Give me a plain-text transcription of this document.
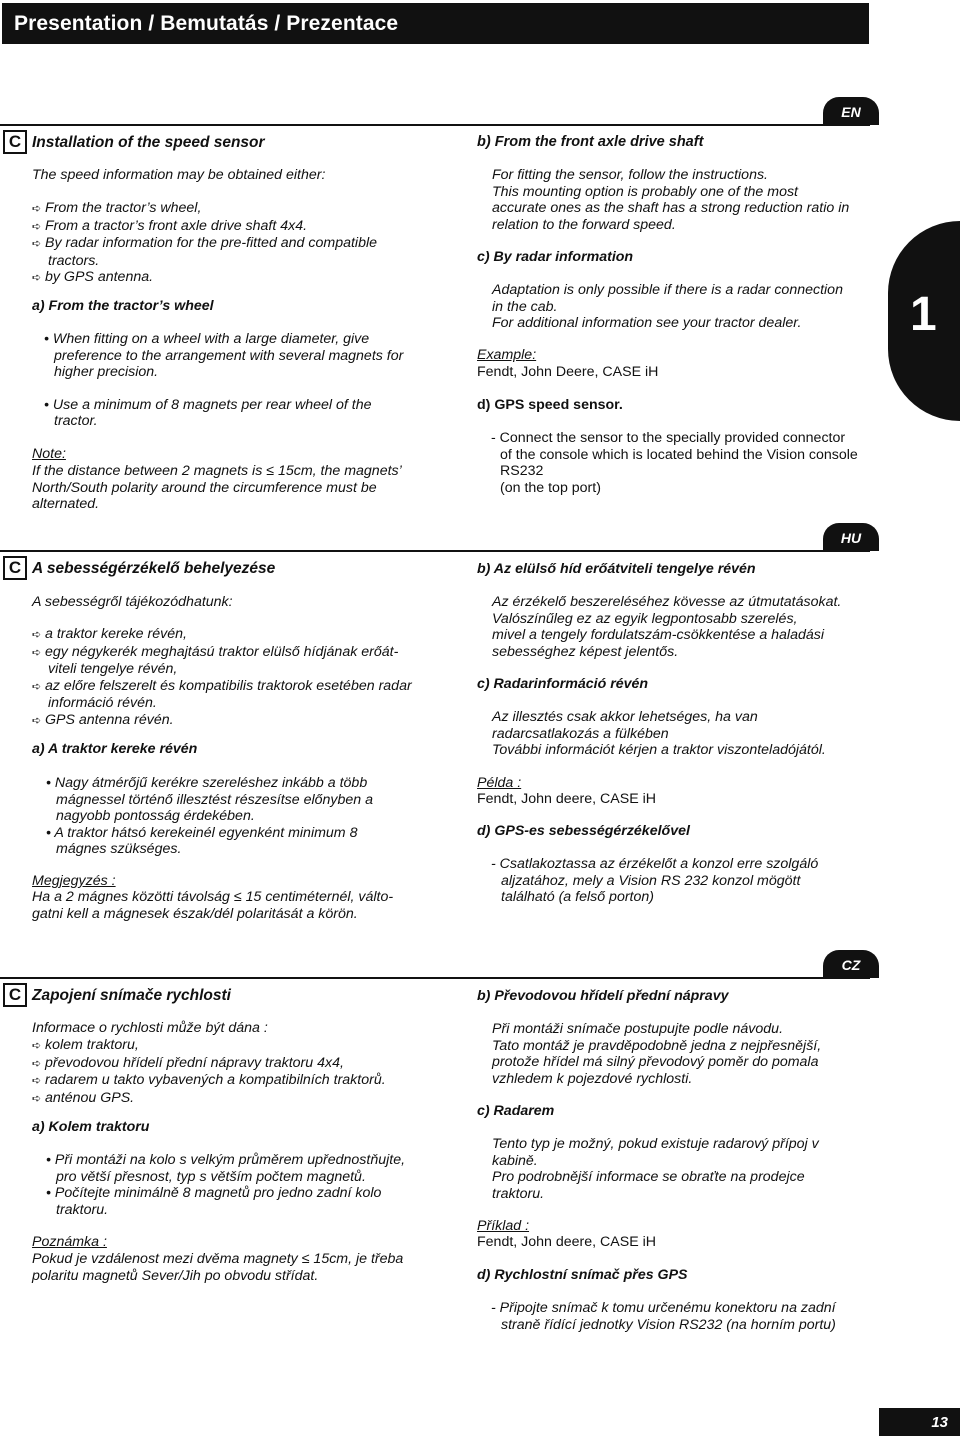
Presentation / Bemutatás / Prezentace
1
EN
C Installation of the speed sensor
The speed information may be obtained either:
➪ From the tractor’s wheel,
➪ From a tractor’s front axle drive shaft 4x4.
➪ By radar information for the pre-fitted and compatible
tractors.
➪ by GPS antenna.
a) From the tractor’s wheel
• When fitting on a wheel with a large diameter, give
preference to the arrangement with several magnets for
higher precision.
• Use a minimum of 8 magnets per rear wheel of the
tractor.
Note:
If the distance between 2 magnets is ≤ 15cm, the magnets’
North/South polarity around the circumference must be
alternated.
b) From the front axle drive shaft
For fitting the sensor, follow the instructions.
This mounting option is probably one of the most
accurate ones as the shaft has a strong reduction ratio in
relation to the forward speed.
c) By radar information
Adaptation is only possible if there is a radar connection
in the cab.
For additional information see your tractor dealer.
Example:
Fendt, John Deere, CASE iH
d) GPS speed sensor.
- Connect the sensor to the specially provided connector
of the console which is located behind the Vision console
RS232
(on the top port)
HU
C A sebességérzékelő behelyezése
A sebességről tájékozódhatunk:
➪ a traktor kereke révén,
➪ egy négykerék meghajtású traktor elülső hídjának erőát-
viteli tengelye révén,
➪ az előre felszerelt és kompatibilis traktorok esetében radar
információ révén.
➪ GPS antenna révén.
a) A traktor kereke révén
• Nagy átmérőjű kerékre szereléshez inkább a több
mágnessel történő illesztést részesítse előnyben a
nagyobb pontosság érdekében.
• A traktor hátsó kerekeinél egyenként minimum 8
mágnes szükséges.
Megjegyzés :
Ha a 2 mágnes közötti távolság ≤ 15 centiméternél, válto-
gatni kell a mágnesek észak/dél polaritását a körön.
b) Az elülső híd erőátviteli tengelye révén
Az érzékelő beszereléséhez kövesse az útmutatásokat.
Valószínűleg ez az egyik legpontosabb szerelés,
mivel a tengely fordulatszám-csökkentése a haladási
sebességhez képest jelentős.
c) Radarinformáció révén
Az illesztés csak akkor lehetséges, ha van
radarcsatlakozás a fülkében
További információt kérjen a traktor viszonteladójától.
Példa :
Fendt, John deere, CASE iH
d) GPS-es sebességérzékelővel
- Csatlakoztassa az érzékelőt a konzol erre szolgáló
aljzatához, mely a Vision RS 232 konzol mögött
található (a felső porton)
CZ
C Zapojení snímače rychlosti
Informace o rychlosti může být dána :
➪ kolem traktoru,
➪ převodovou hřídelí přední nápravy traktoru 4x4,
➪ radarem u takto vybavených a kompatibilních traktorů.
➪ anténou GPS.
a) Kolem traktoru
• Při montáži na kolo s velkým průměrem upřednostňujte,
pro větší přesnost, typ s větším počtem magnetů.
• Počítejte minimálně 8 magnetů pro jedno zadní kolo
traktoru.
Poznámka :
Pokud je vzdálenost mezi dvěma magnety ≤ 15cm, je třeba
polaritu magnetů Sever/Jih po obvodu střídat.
b) Převodovou hřídelí přední nápravy
Při montáži snímače postupujte podle návodu.
Tato montáž je pravděpodobně jedna z nejpřesnější,
protože hřídel má silný převodový poměr do pomala
vzhledem k pojezdové rychlosti.
c) Radarem
Tento typ je možný, pokud existuje radarový přípoj v
kabině.
Pro podrobnější informace se obraťte na prodejce
traktoru.
Příklad :
Fendt, John deere, CASE iH
d) Rychlostní snímač přes GPS
- Připojte snímač k tomu určenému konektoru na zadní
straně řídící jednotky Vision RS232 (na horním portu)
13
